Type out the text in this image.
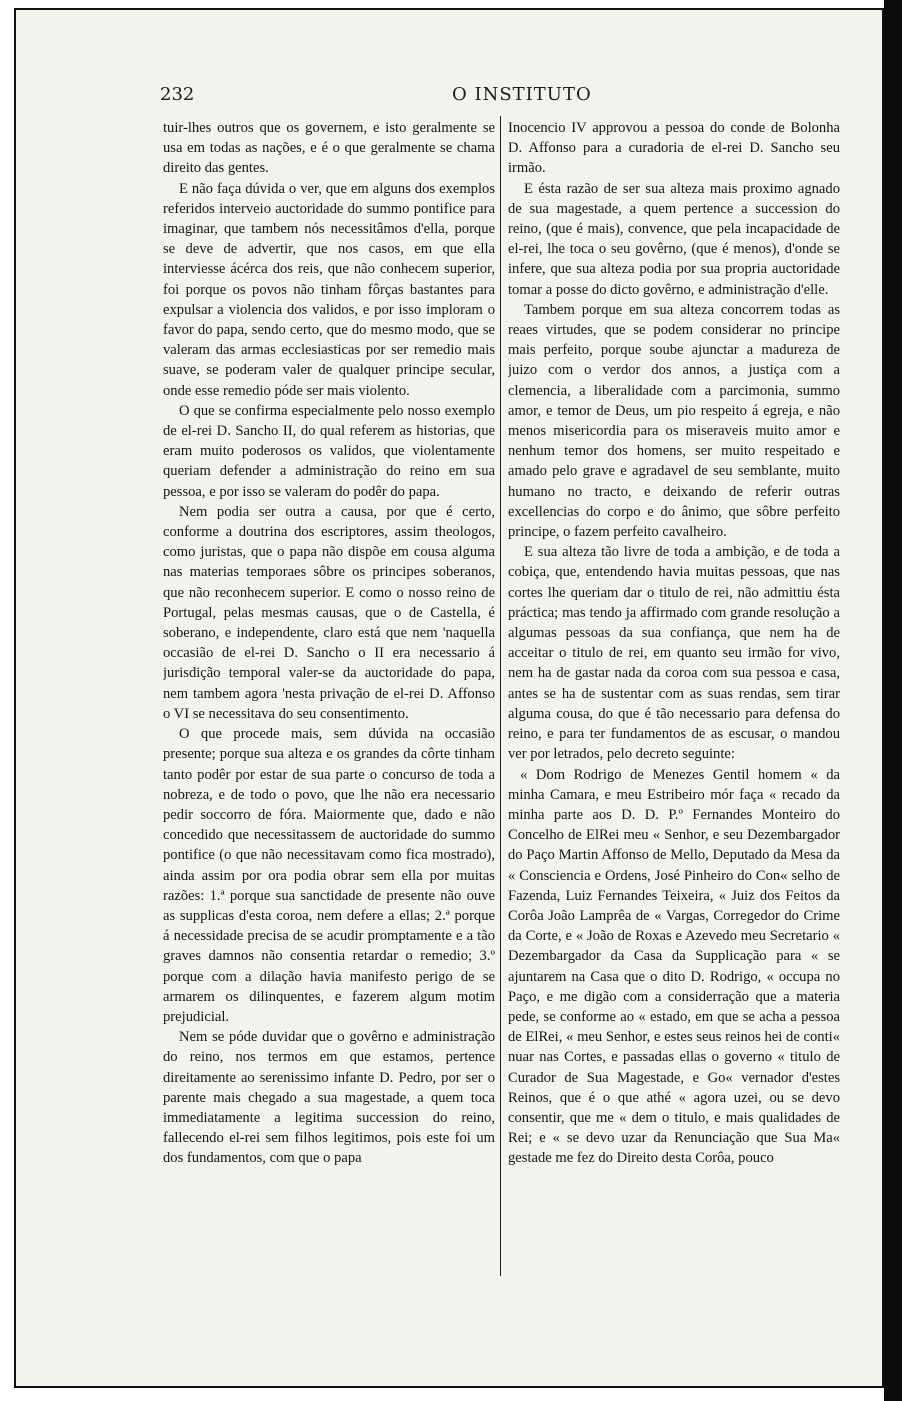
232	O INSTITUTO

tuir-lhes outros que os governem, e isto geralmente se usa em todas as nações, e é o que geralmente se chama direito das gentes.

E não faça dúvida o ver, que em alguns dos exemplos referidos interveio auctoridade do summo pontifice para imaginar, que tambem nós necessitâmos d'ella, porque se deve de advertir, que nos casos, em que ella interviesse ácérca dos reis, que não conhecem superior, foi porque os povos não tinham fôrças bastantes para expulsar a violencia dos validos, e por isso imploram o favor do papa, sendo certo, que do mesmo modo, que se valeram das armas ecclesiasticas por ser remedio mais suave, se poderam valer de qualquer principe secular, onde esse remedio póde ser mais violento.

O que se confirma especialmente pelo nosso exemplo de el-rei D. Sancho II, do qual referem as historias, que eram muito poderosos os validos, que violentamente queriam defender a administração do reino em sua pessoa, e por isso se valeram do podêr do papa.

Nem podia ser outra a causa, por que é certo, conforme a doutrina dos escriptores, assim theologos, como juristas, que o papa não dispõe em cousa alguma nas materias temporaes sôbre os principes soberanos, que não reconhecem superior. E como o nosso reino de Portugal, pelas mesmas causas, que o de Castella, é soberano, e independente, claro está que nem 'naquella occasião de el-rei D. Sancho o II era necessario á jurisdição temporal valer-se da auctoridade do papa, nem tambem agora 'nesta privação de el-rei D. Affonso o VI se necessitava do seu consentimento.

O que procede mais, sem dúvida na occasião presente; porque sua alteza e os grandes da côrte tinham tanto podêr por estar de sua parte o concurso de toda a nobreza, e de todo o povo, que lhe não era necessario pedir soccorro de fóra. Maiormente que, dado e não concedido que necessitassem de auctoridade do summo pontifice (o que não necessitavam como fica mostrado), ainda assim por ora podia obrar sem ella por muitas razões: 1.ª porque sua sanctidade de presente não ouve as supplicas d'esta coroa, nem defere a ellas; 2.ª porque á necessidade precisa de se acudir promptamente e a tão graves damnos não consentia retardar o remedio; 3.º porque com a dilação havia manifesto perigo de se armarem os dilinquentes, e fazerem algum motim prejudicial.

Nem se póde duvidar que o govêrno e administração do reino, nos termos em que estamos, pertence direitamente ao serenissimo infante D. Pedro, por ser o parente mais chegado a sua magestade, a quem toca immediatamente a legitima succession do reino, fallecendo el-rei sem filhos legitimos, pois este foi um dos fundamentos, com que o papa

Inocencio IV approvou a pessoa do conde de Bolonha D. Affonso para a curadoria de el-rei D. Sancho seu irmão.

E ésta razão de ser sua alteza mais proximo agnado de sua magestade, a quem pertence a succession do reino, (que é mais), convence, que pela incapacidade de el-rei, lhe toca o seu govêrno, (que é menos), d'onde se infere, que sua alteza podia por sua propria auctoridade tomar a posse do dicto govêrno, e administração d'elle.

Tambem porque em sua alteza concorrem todas as reaes virtudes, que se podem considerar no principe mais perfeito, porque soube ajunctar a madureza de juizo com o verdor dos annos, a justiça com a clemencia, a liberalidade com a parcimonia, summo amor, e temor de Deus, um pio respeito á egreja, e não menos misericordia para os miseraveis muito amor e nenhum temor dos homens, ser muito respeitado e amado pelo grave e agradavel de seu semblante, muito humano no tracto, e deixando de referir outras excellencias do corpo e do ânimo, que sôbre perfeito principe, o fazem perfeito cavalheiro.

E sua alteza tão livre de toda a ambição, e de toda a cobiça, que, entendendo havia muitas pessoas, que nas cortes lhe queriam dar o titulo de rei, não admittiu ésta práctica; mas tendo ja affirmado com grande resolução a algumas pessoas da sua confiança, que nem ha de acceitar o titulo de rei, em quanto seu irmão for vivo, nem ha de gastar nada da coroa com sua pessoa e casa, antes se ha de sustentar com as suas rendas, sem tirar alguma cousa, do que é tão necessario para defensa do reino, e para ter fundamentos de as escusar, o mandou ver por letrados, pelo decreto seguinte:

« Dom Rodrigo de Menezes Gentil homem « da minha Camara, e meu Estribeiro mór faça « recado da minha parte aos D. D. P.º Fernandes Monteiro do Concelho de ElRei meu « Senhor, e seu Dezembargador do Paço Martin Affonso de Mello, Deputado da Mesa da « Consciencia e Ordens, José Pinheiro do Con« selho de Fazenda, Luiz Fernandes Teixeira, « Juiz dos Feitos da Corôa João Lamprêa de « Vargas, Corregedor do Crime da Corte, e « João de Roxas e Azevedo meu Secretario « Dezembargador da Casa da Supplicação para « se ajuntarem na Casa que o dito D. Rodrigo, « occupa no Paço, e me digão com a considerração que a materia pede, se conforme ao « estado, em que se acha a pessoa de ElRei, « meu Senhor, e estes seus reinos hei de conti« nuar nas Cortes, e passadas ellas o governo « titulo de Curador de Sua Magestade, e Go« vernador d'estes Reinos, que é o que athé « agora uzei, ou se devo consentir, que me « dem o titulo, e mais qualidades de Rei; e « se devo uzar da Renunciação que Sua Ma« gestade me fez do Direito desta Corôa, pouco
